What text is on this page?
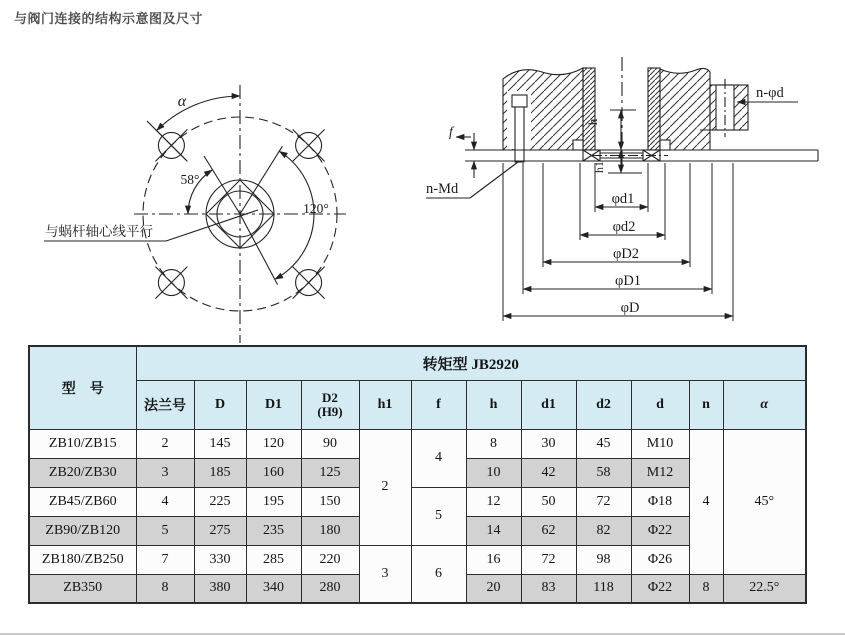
与阀门连接的结构示意图及尺寸
α
58°
120°
与蜗杆轴心线平行
n-φd
f
n-Md
h
h1
φd1
φd2
φD2
φD1
φD
型　号	转矩型 JB2920											
	法兰号	D	D1	D2
(H9)	h1	f	h	d1	d2	d	n	α
ZB10/ZB15	2	145	120	90	2	4	8	30	45	M10	4	45°
ZB20/ZB30	3	185	160	125			10	42	58	M12		
ZB45/ZB60	4	225	195	150		5	12	50	72	Φ18		
ZB90/ZB120	5	275	235	180			14	62	82	Φ22		
ZB180/ZB250	7	330	285	220	3	6	16	72	98	Φ26		
ZB350	8	380	340	280			20	83	118	Φ22	8	22.5°
